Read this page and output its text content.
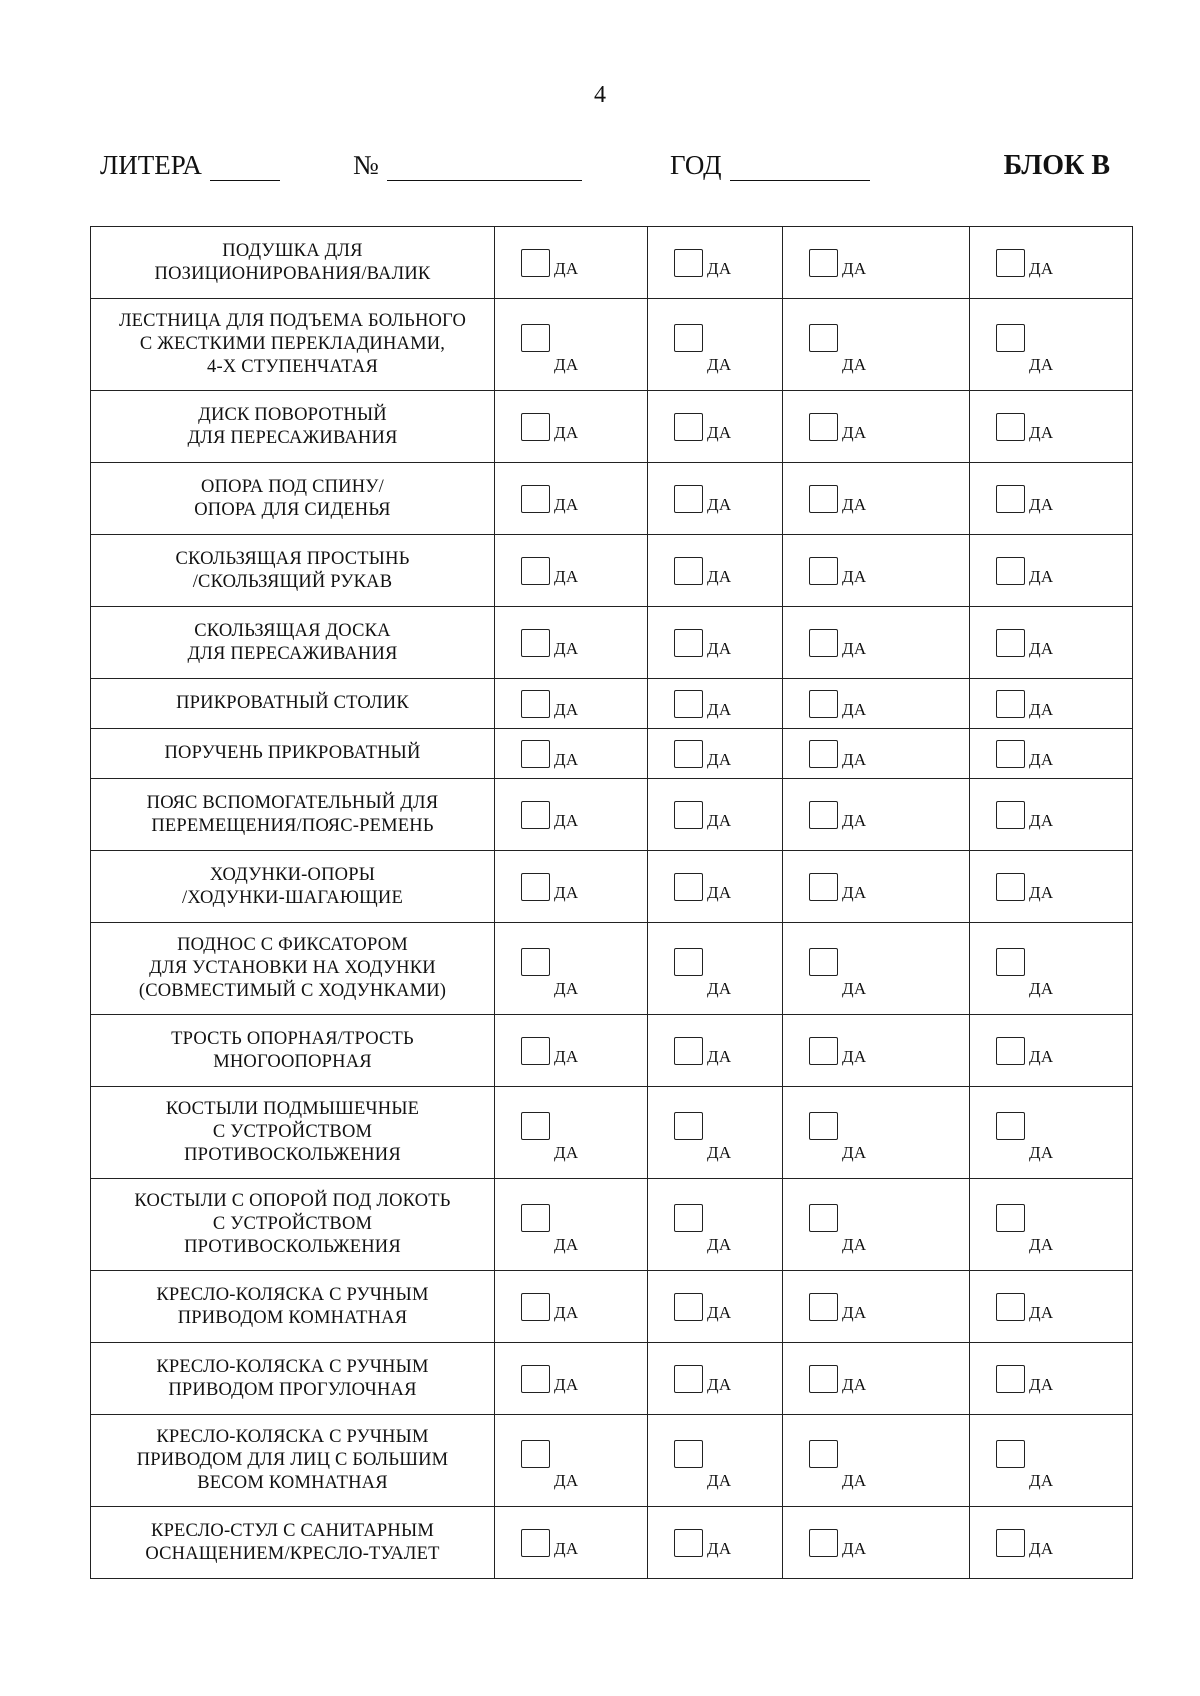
4
ЛИТЕРА	№	ГОД	БЛОК В
ПОДУШКА ДЛЯ
ПОЗИЦИОНИРОВАНИЯ/ВАЛИК	ДА	ДА	ДА	ДА

ЛЕСТНИЦА ДЛЯ ПОДЪЕМА БОЛЬНОГО
С ЖЕСТКИМИ ПЕРЕКЛАДИНАМИ,
4-Х СТУПЕНЧАТАЯ	ДА	ДА	ДА	ДА

ДИСК ПОВОРОТНЫЙ
ДЛЯ ПЕРЕСАЖИВАНИЯ	ДА	ДА	ДА	ДА

ОПОРА ПОД СПИНУ/
ОПОРА ДЛЯ СИДЕНЬЯ	ДА	ДА	ДА	ДА

СКОЛЬЗЯЩАЯ ПРОСТЫНЬ
/СКОЛЬЗЯЩИЙ РУКАВ	ДА	ДА	ДА	ДА

СКОЛЬЗЯЩАЯ ДОСКА
ДЛЯ ПЕРЕСАЖИВАНИЯ	ДА	ДА	ДА	ДА

ПРИКРОВАТНЫЙ СТОЛИК	ДА	ДА	ДА	ДА

ПОРУЧЕНЬ ПРИКРОВАТНЫЙ	ДА	ДА	ДА	ДА

ПОЯС ВСПОМОГАТЕЛЬНЫЙ ДЛЯ
ПЕРЕМЕЩЕНИЯ/ПОЯС-РЕМЕНЬ	ДА	ДА	ДА	ДА

ХОДУНКИ-ОПОРЫ
/ХОДУНКИ-ШАГАЮЩИЕ	ДА	ДА	ДА	ДА

ПОДНОС С ФИКСАТОРОМ
ДЛЯ УСТАНОВКИ НА ХОДУНКИ
(СОВМЕСТИМЫЙ С ХОДУНКАМИ)	ДА	ДА	ДА	ДА

ТРОСТЬ ОПОРНАЯ/ТРОСТЬ
МНОГООПОРНАЯ	ДА	ДА	ДА	ДА

КОСТЫЛИ ПОДМЫШЕЧНЫЕ
С УСТРОЙСТВОМ
ПРОТИВОСКОЛЬЖЕНИЯ	ДА	ДА	ДА	ДА

КОСТЫЛИ С ОПОРОЙ ПОД ЛОКОТЬ
С УСТРОЙСТВОМ
ПРОТИВОСКОЛЬЖЕНИЯ	ДА	ДА	ДА	ДА

КРЕСЛО-КОЛЯСКА С РУЧНЫМ
ПРИВОДОМ КОМНАТНАЯ	ДА	ДА	ДА	ДА

КРЕСЛО-КОЛЯСКА С РУЧНЫМ
ПРИВОДОМ ПРОГУЛОЧНАЯ	ДА	ДА	ДА	ДА

КРЕСЛО-КОЛЯСКА С РУЧНЫМ
ПРИВОДОМ ДЛЯ ЛИЦ С БОЛЬШИМ
ВЕСОМ КОМНАТНАЯ	ДА	ДА	ДА	ДА

КРЕСЛО-СТУЛ С САНИТАРНЫМ
ОСНАЩЕНИЕМ/КРЕСЛО-ТУАЛЕТ	ДА	ДА	ДА	ДА
